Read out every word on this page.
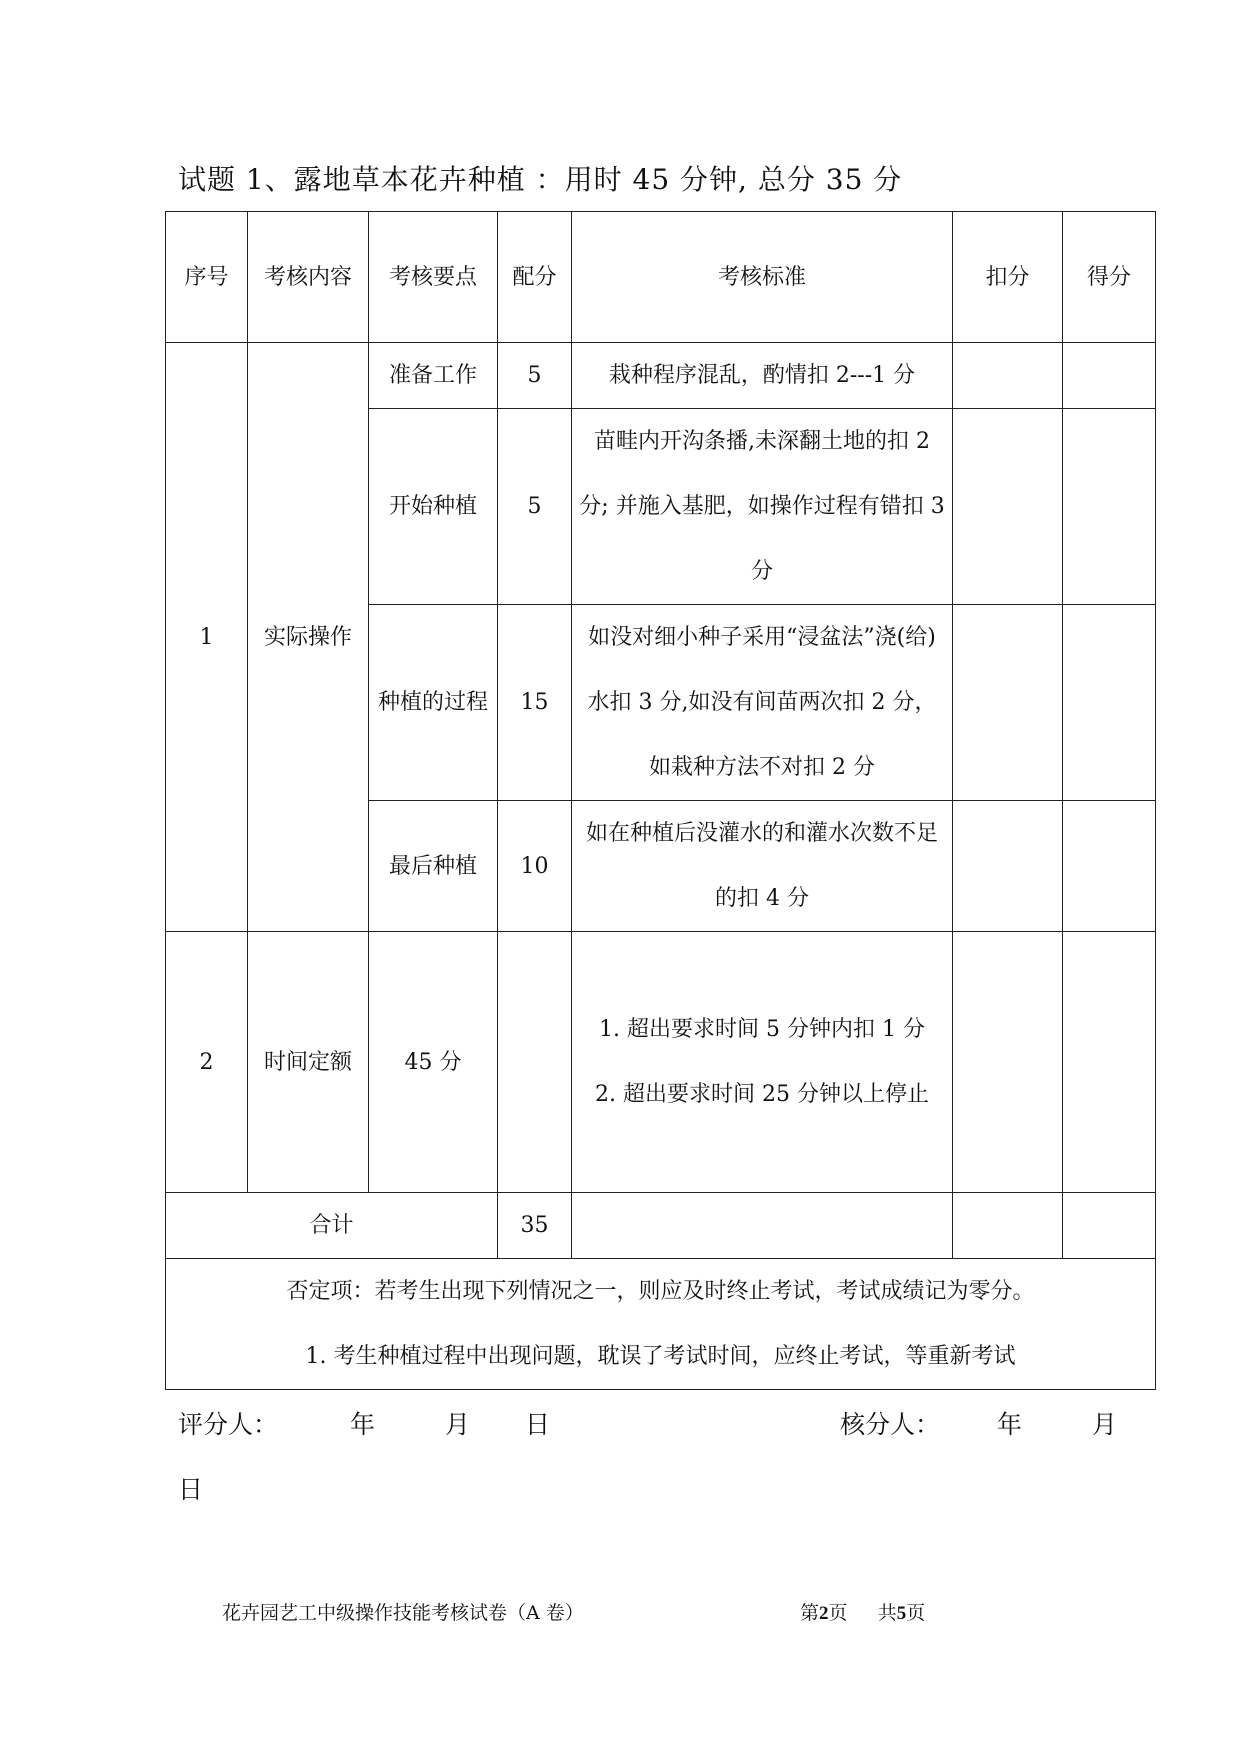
试题 1、露地草本花卉种植 ：用时 45 分钟, 总分 35 分
序号	考核内容	考核要点	配分	考核标准	扣分	得分
1	实际操作	准备工作	5	栽种程序混乱，酌情扣 2---1 分		
		开始种植	5	苗畦内开沟条播,未深翻土地的扣 2 分; 并施入基肥，如操作过程有错扣 3 分		
		种植的过程	15	如没对细小种子采用“浸盆法”浇(给)水扣 3 分,如没有间苗两次扣 2 分，如栽种方法不对扣 2 分		
		最后种植	10	如在种植后没灌水的和灌水次数不足的扣 4 分		
2	时间定额	45 分		1. 超出要求时间 5 分钟内扣 1 分
2. 超出要求时间 25 分钟以上停止		

合计			35			

否定项：若考生出现下列情况之一，则应及时终止考试，考试成绩记为零分。
1. 考生种植过程中出现问题，耽误了考试时间，应终止考试，等重新考试						
评分人：	年	月 日	核分人： 年	月
日
花卉园艺工中级操作技能考核试卷（A 卷）	第2页 共5页
